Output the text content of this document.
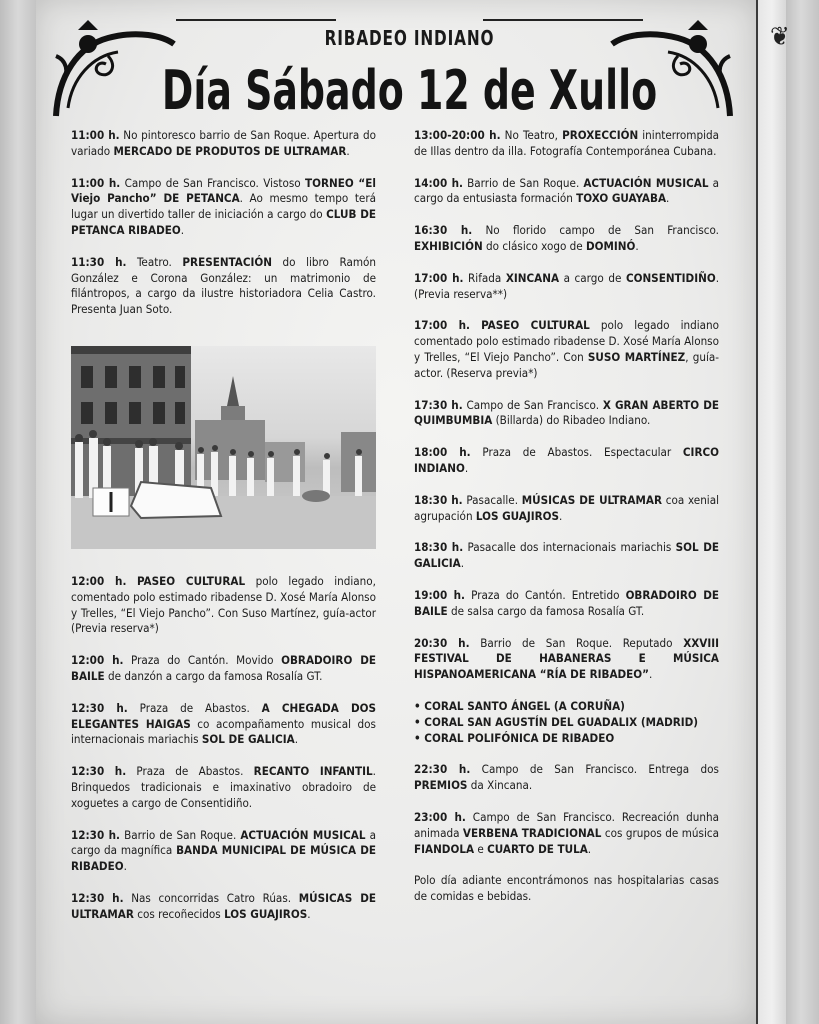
❦
RIBADEO INDIANO
Día Sábado 12 de Xullo

11:00 h. No pintoresco barrio de San Roque. Apertura do variado MERCADO DE PRODUTOS DE ULTRAMAR.

11:00 h. Campo de San Francisco. Vistoso TORNEO “El Viejo Pancho” DE PETANCA. Ao mesmo tempo terá lugar un divertido taller de iniciación a cargo do CLUB DE PETANCA RIBADEO.

11:30 h. Teatro. PRESENTACIÓN do libro Ramón González e Corona González: un matrimonio de filántropos, a cargo da ilustre historiadora Celia Castro. Presenta Juan Soto.

12:00 h. PASEO CULTURAL polo legado indiano, comentado polo estimado ribadense D. Xosé María Alonso y Trelles, “El Viejo Pancho”. Con Suso Martínez, guía-actor (Previa reserva*)

12:00 h. Praza do Cantón. Movido OBRADOIRO DE BAILE de danzón a cargo da famosa Rosalía GT.

12:30 h. Praza de Abastos. A CHEGADA DOS ELEGANTES HAIGAS co acompañamento musical dos internacionais mariachis SOL DE GALICIA.

12:30 h. Praza de Abastos. RECANTO INFANTIL. Brinquedos tradicionais e imaxinativo obradoiro de xoguetes a cargo de Consentidiño.

12:30 h. Barrio de San Roque. ACTUACIÓN MUSICAL a cargo da magnífica BANDA MUNICIPAL DE MÚSICA DE RIBADEO.

12:30 h. Nas concorridas Catro Rúas. MÚSICAS DE ULTRAMAR cos recoñecidos LOS GUAJIROS.

13:00-20:00 h. No Teatro, PROXECCIÓN ininterrompida de Illas dentro da illa. Fotografía Contemporánea Cubana.

14:00 h. Barrio de San Roque. ACTUACIÓN MUSICAL a cargo da entusiasta formación TOXO GUAYABA.

16:30 h. No florido campo de San Francisco. EXHIBICIÓN do clásico xogo de DOMINÓ.

17:00 h. Rifada XINCANA a cargo de CONSENTIDIÑO. (Previa reserva**)

17:00 h. PASEO CULTURAL polo legado indiano comentado polo estimado ribadense D. Xosé María Alonso y Trelles, “El Viejo Pancho”. Con SUSO MARTÍNEZ, guía-actor. (Reserva previa*)

17:30 h. Campo de San Francisco. X GRAN ABERTO DE QUIMBUMBIA (Billarda) do Ribadeo Indiano.

18:00 h. Praza de Abastos. Espectacular CIRCO INDIANO.

18:30 h. Pasacalle. MÚSICAS DE ULTRAMAR coa xenial agrupación LOS GUAJIROS.

18:30 h. Pasacalle dos internacionais mariachis SOL DE GALICIA.

19:00 h. Praza do Cantón. Entretido OBRADOIRO DE BAILE de salsa cargo da famosa Rosalía GT.

20:30 h. Barrio de San Roque. Reputado XXVIII FESTIVAL DE HABANERAS E MÚSICA HISPANOAMERICANA “RÍA DE RIBADEO”.

• CORAL SANTO ÁNGEL (A CORUÑA)
• CORAL SAN AGUSTÍN DEL GUADALIX (MADRID)
• CORAL POLIFÓNICA DE RIBADEO

22:30 h. Campo de San Francisco. Entrega dos PREMIOS da Xincana.

23:00 h. Campo de San Francisco. Recreación dunha animada VERBENA TRADICIONAL cos grupos de música FIANDOLA e CUARTO DE TULA.

Polo día adiante encontrámonos nas hospitalarias casas de comidas e bebidas.
